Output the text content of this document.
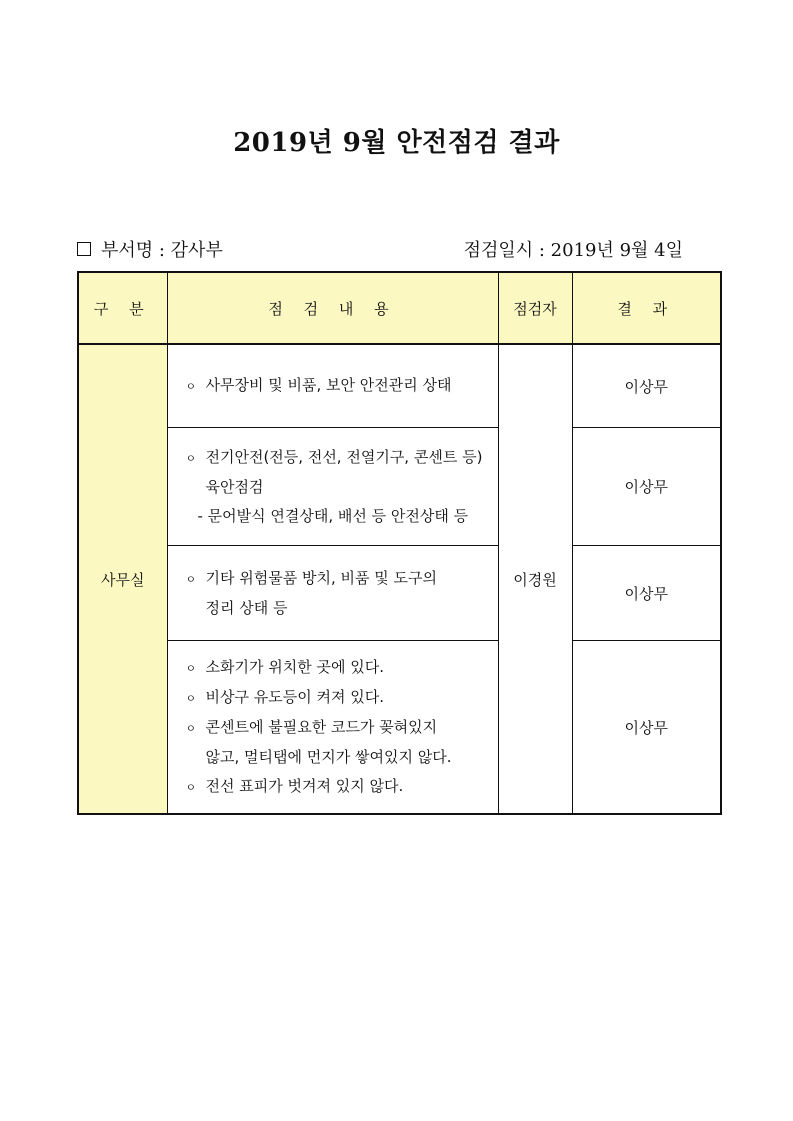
2019년 9월 안전점검 결과
부서명 : 감사부	점검일시 : 2019년 9월 4일
구 분	점 검 내 용	점검자	결 과
사무실	ㅇ 사무장비 및 비품, 보안 안전관리 상태	이경원	이상무

	ㅇ 전기안전(전등, 전선, 전열기구, 콘센트 등)
육안점검
- 문어발식 연결상태, 배선 등 안전상태 등		이상무

	ㅇ 기타 위험물품 방치, 비품 및 도구의
정리 상태 등		이상무

	ㅇ 소화기가 위치한 곳에 있다.
ㅇ 비상구 유도등이 켜져 있다.
ㅇ 콘센트에 불필요한 코드가 꽂혀있지
않고, 멀티탭에 먼지가 쌓여있지 않다.
ㅇ 전선 표피가 벗겨져 있지 않다.		이상무
